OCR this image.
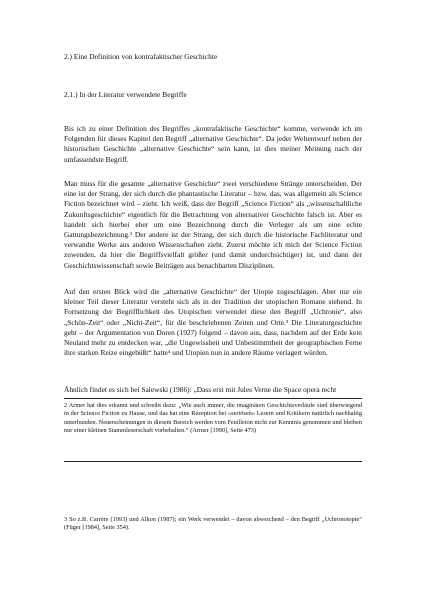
2.) Eine Definition von kontrafaktischer Geschichte
2.1.) In der Literatur verwendete Begriffe

Bis ich zu einer Definition des Begriffes „kontrafaktische Geschichte“ komme, verwende ich im Folgenden für dieses Kapitel den Begriff „alternative Geschichte“. Da jeder Weltentwurf neben der historischen Geschichte „alternative Geschichte“ sein kann, ist dies meiner Meinung nach der umfassendste Begriff.

Man muss für die gesamte „alternative Geschichte“ zwei verschiedene Stränge unterscheiden. Der eine ist der Strang, der sich durch die phantastische Literatur – bzw. das, was allgemein als Science Fiction bezeichnet wird – zieht. Ich weiß, dass der Begriff „Science Fiction“ als „wissenschaftliche Zukunftsgeschichte“ eigentlich für die Betrachtung von alternativer Geschichte falsch ist. Aber es handelt sich hierbei eher um eine Bezeichnung durch die Verleger als um eine echte Gattungsbezeichnung.² Der andere ist der Strang, der sich durch die historische Fachliteratur und verwandte Werke aus anderen Wissenschaften zieht. Zuerst möchte ich mich der Science Fiction zuwenden, da hier die Begriffsvielfalt größer (und damit undurchsichtiger) ist, und dann der Geschichtswissenschaft sowie Beiträgen aus benachbarten Disziplinen.

Auf den ersten Blick wird die „alternative Geschichte“ der Utopie zugeschlagen. Aber nur ein kleiner Teil dieser Literatur versteht sich als in der Tradition der utopischen Romane stehend. In Fortsetzung der Begrifflichkeit des Utopischen verwendet diese den Begriff „Uchronie“, also „Schön-Zeit“ oder „Nicht-Zeit“, für die beschriebenen Zeiten und Orte.³ Die Literaturgeschichte geht – der Argumentation von Doren (1927) folgend – davon aus, dass, nachdem auf der Erde kein Neuland mehr zu entdecken war, „die Ungewissheit und Unbestimmtheit der geographischen Ferne ihre starken Reize eingebüßt“ hatte⁴ und Utopien nun in andere Räume verlagert würden.

Ähnlich findet es sich bei Salewski (1986): „Dass erst mit Jules Verne die Space opera recht

2 Armer hat dies erkannt und schreibt dazu: „Wie auch immer, die imaginären Geschichtsverläufe sind überwiegend in der Science Fiction zu Hause, und das hat eine Rezeption bei »seriösen« Lesern und Kritikern natürlich nachhaltig unterbunden. Neuerscheinungen in diesem Bereich werden vom Feuilleton nicht zur Kenntnis genommen und bleiben nur einer kleinen Stammleserschaft vorbehalten.“ (Armer [1990], Seite 473)

3 So z.B. Carrère (1993) und Alkon (1987); ein Werk verwendet – davon abweichend – den Begriff „Uchronotopie“ (Füger [1984], Seite 354).
